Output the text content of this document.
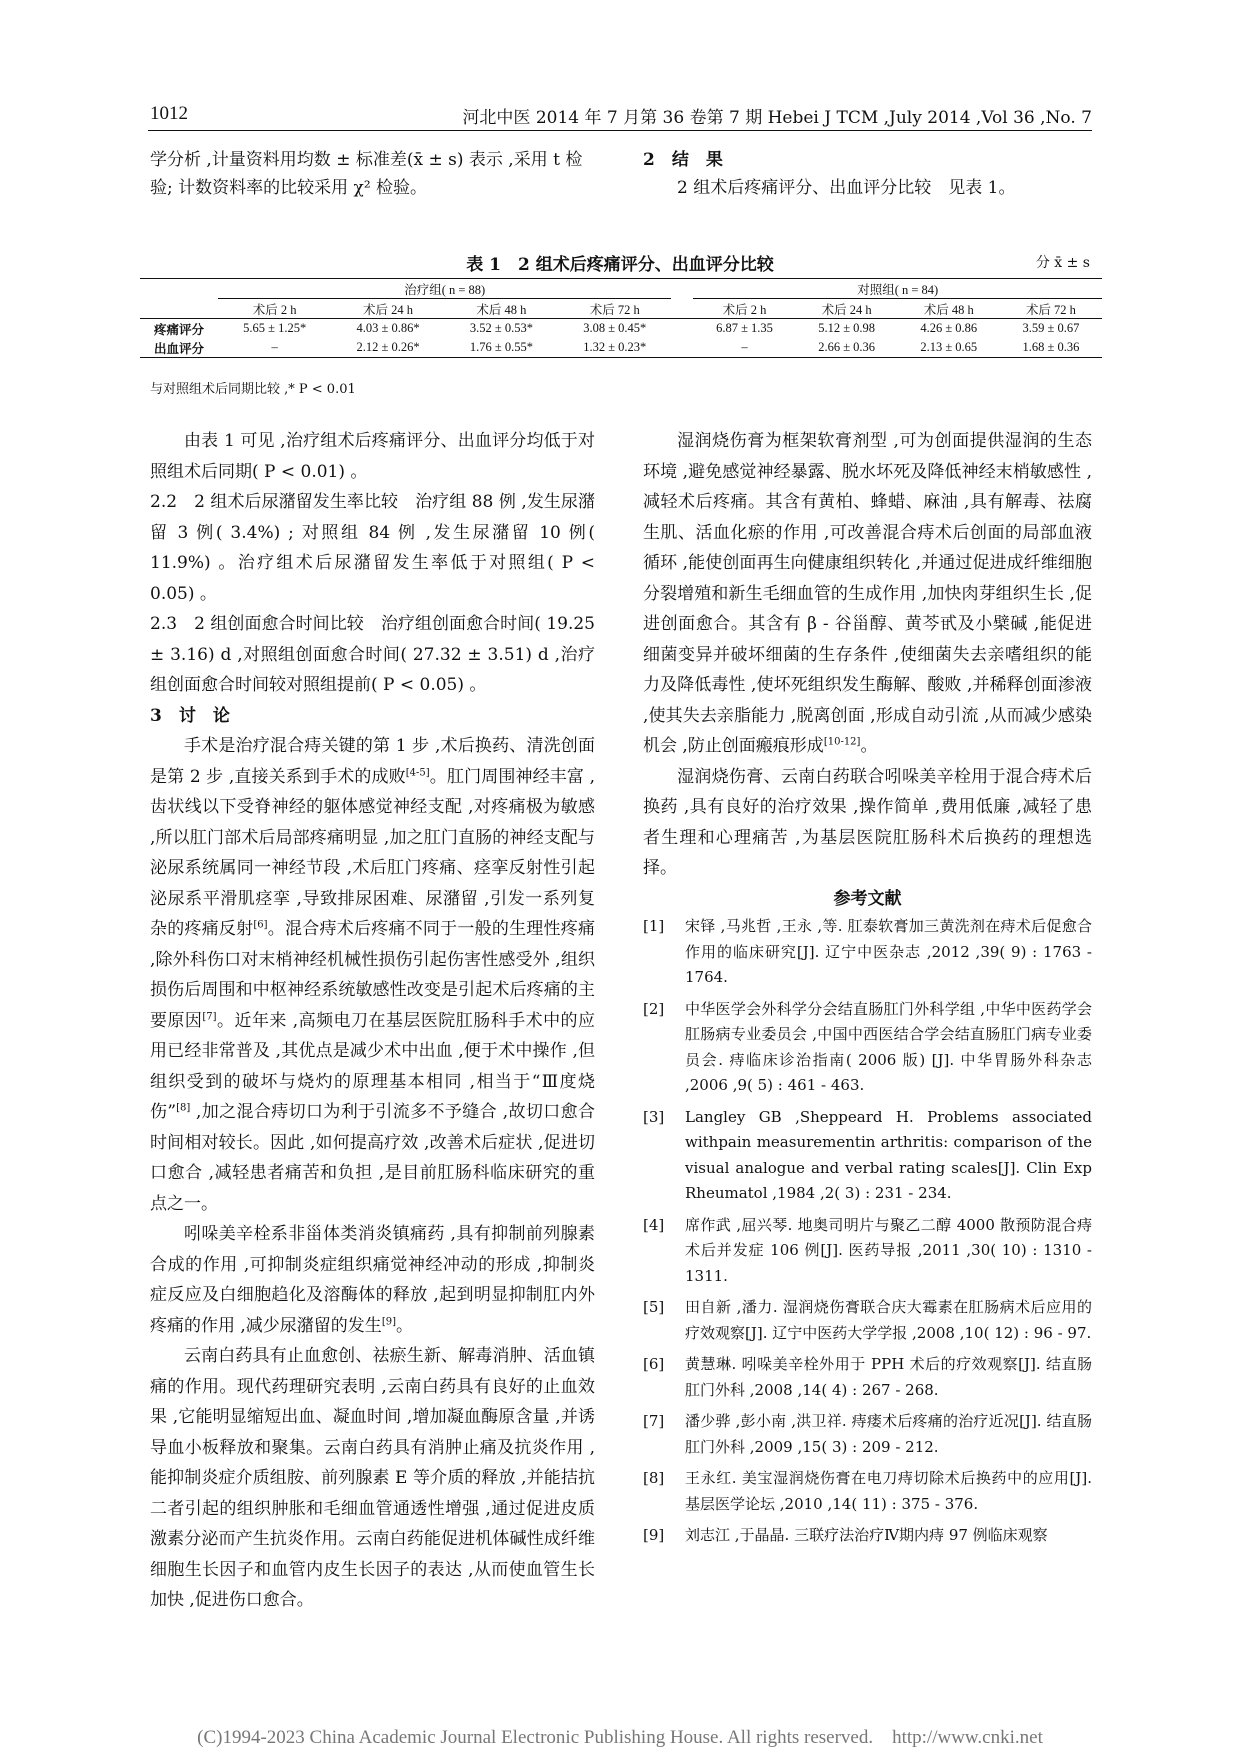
1012	河北中医 2014 年 7 月第 36 卷第 7 期 Hebei J TCM ,July 2014 ,Vol 36 ,No. 7
学分析 ,计量资料用均数 ± 标准差(x̄ ± s) 表示 ,采用 t 检
验; 计数资料率的比较采用 χ² 检验。
2　结　果
2 组术后疼痛评分、出血评分比较　见表 1。
表 1　2 组术后疼痛评分、出血评分比较	分 x̄ ± s
	治疗组( n = 88)					对照组( n = 84)			
	术后 2 h	术后 24 h	术后 48 h	术后 72 h		术后 2 h	术后 24 h	术后 48 h	术后 72 h
疼痛评分	5.65 ± 1.25*	4.03 ± 0.86*	3.52 ± 0.53*	3.08 ± 0.45*		6.87 ± 1.35	5.12 ± 0.98	4.26 ± 0.86	3.59 ± 0.67
出血评分	–	2.12 ± 0.26*	1.76 ± 0.55*	1.32 ± 0.23*		–	2.66 ± 0.36	2.13 ± 0.65	1.68 ± 0.36
与对照组术后同期比较 ,* P < 0.01

由表 1 可见 ,治疗组术后疼痛评分、出血评分均低于对照组术后同期( P < 0.01) 。

2.2　2 组术后尿潴留发生率比较　治疗组 88 例 ,发生尿潴留 3 例( 3.4%) ; 对照组 84 例 ,发生尿潴留 10 例( 11.9%) 。治疗组术后尿潴留发生率低于对照组( P < 0.05) 。

2.3　2 组创面愈合时间比较　治疗组创面愈合时间( 19.25 ± 3.16) d ,对照组创面愈合时间( 27.32 ± 3.51) d ,治疗组创面愈合时间较对照组提前( P < 0.05) 。

3　讨　论

手术是治疗混合痔关键的第 1 步 ,术后换药、清洗创面是第 2 步 ,直接关系到手术的成败[4-5]。肛门周围神经丰富 ,齿状线以下受脊神经的躯体感觉神经支配 ,对疼痛极为敏感 ,所以肛门部术后局部疼痛明显 ,加之肛门直肠的神经支配与泌尿系统属同一神经节段 ,术后肛门疼痛、痉挛反射性引起泌尿系平滑肌痉挛 ,导致排尿困难、尿潴留 ,引发一系列复杂的疼痛反射[6]。混合痔术后疼痛不同于一般的生理性疼痛 ,除外科伤口对末梢神经机械性损伤引起伤害性感受外 ,组织损伤后周围和中枢神经系统敏感性改变是引起术后疼痛的主要原因[7]。近年来 ,高频电刀在基层医院肛肠科手术中的应用已经非常普及 ,其优点是减少术中出血 ,便于术中操作 ,但组织受到的破坏与烧灼的原理基本相同 ,相当于“Ⅲ度烧伤”[8] ,加之混合痔切口为利于引流多不予缝合 ,故切口愈合时间相对较长。因此 ,如何提高疗效 ,改善术后症状 ,促进切口愈合 ,减轻患者痛苦和负担 ,是目前肛肠科临床研究的重点之一。

吲哚美辛栓系非甾体类消炎镇痛药 ,具有抑制前列腺素合成的作用 ,可抑制炎症组织痛觉神经冲动的形成 ,抑制炎症反应及白细胞趋化及溶酶体的释放 ,起到明显抑制肛内外疼痛的作用 ,减少尿潴留的发生[9]。

云南白药具有止血愈创、祛瘀生新、解毒消肿、活血镇痛的作用。现代药理研究表明 ,云南白药具有良好的止血效果 ,它能明显缩短出血、凝血时间 ,增加凝血酶原含量 ,并诱导血小板释放和聚集。云南白药具有消肿止痛及抗炎作用 ,能抑制炎症介质组胺、前列腺素 E 等介质的释放 ,并能拮抗二者引起的组织肿胀和毛细血管通透性增强 ,通过促进皮质激素分泌而产生抗炎作用。云南白药能促进机体碱性成纤维细胞生长因子和血管内皮生长因子的表达 ,从而使血管生长加快 ,促进伤口愈合。

湿润烧伤膏为框架软膏剂型 ,可为创面提供湿润的生态环境 ,避免感觉神经暴露、脱水坏死及降低神经末梢敏感性 ,减轻术后疼痛。其含有黄柏、蜂蜡、麻油 ,具有解毒、祛腐生肌、活血化瘀的作用 ,可改善混合痔术后创面的局部血液循环 ,能使创面再生向健康组织转化 ,并通过促进成纤维细胞分裂增殖和新生毛细血管的生成作用 ,加快肉芽组织生长 ,促进创面愈合。其含有 β - 谷甾醇、黄芩甙及小檗碱 ,能促进细菌变异并破坏细菌的生存条件 ,使细菌失去亲嗜组织的能力及降低毒性 ,使坏死组织发生酶解、酸败 ,并稀释创面渗液 ,使其失去亲脂能力 ,脱离创面 ,形成自动引流 ,从而减少感染机会 ,防止创面瘢痕形成[10-12]。

湿润烧伤膏、云南白药联合吲哚美辛栓用于混合痔术后换药 ,具有良好的治疗效果 ,操作简单 ,费用低廉 ,减轻了患者生理和心理痛苦 ,为基层医院肛肠科术后换药的理想选择。

参考文献

[1]	宋铎 ,马兆哲 ,王永 ,等. 肛泰软膏加三黄洗剂在痔术后促愈合作用的临床研究[J]. 辽宁中医杂志 ,2012 ,39( 9) : 1763 - 1764.
[2]	中华医学会外科学分会结直肠肛门外科学组 ,中华中医药学会肛肠病专业委员会 ,中国中西医结合学会结直肠肛门病专业委员会. 痔临床诊治指南( 2006 版) [J]. 中华胃肠外科杂志 ,2006 ,9( 5) : 461 - 463.
[3]	Langley GB ,Sheppeard H. Problems associated withpain measurementin arthritis: comparison of the visual analogue and verbal rating scales[J]. Clin Exp Rheumatol ,1984 ,2( 3) : 231 - 234.
[4]	席作武 ,屈兴琴. 地奥司明片与聚乙二醇 4000 散预防混合痔术后并发症 106 例[J]. 医药导报 ,2011 ,30( 10) : 1310 - 1311.
[5]	田自新 ,潘力. 湿润烧伤膏联合庆大霉素在肛肠病术后应用的疗效观察[J]. 辽宁中医药大学学报 ,2008 ,10( 12) : 96 - 97.
[6]	黄慧琳. 吲哚美辛栓外用于 PPH 术后的疗效观察[J]. 结直肠肛门外科 ,2008 ,14( 4) : 267 - 268.
[7]	潘少骅 ,彭小南 ,洪卫祥. 痔瘘术后疼痛的治疗近况[J]. 结直肠肛门外科 ,2009 ,15( 3) : 209 - 212.
[8]	王永红. 美宝湿润烧伤膏在电刀痔切除术后换药中的应用[J]. 基层医学论坛 ,2010 ,14( 11) : 375 - 376.
[9]	刘志江 ,于晶晶. 三联疗法治疗Ⅳ期内痔 97 例临床观察
(C)1994-2023 China Academic Journal Electronic Publishing House. All rights reserved.　http://www.cnki.net
